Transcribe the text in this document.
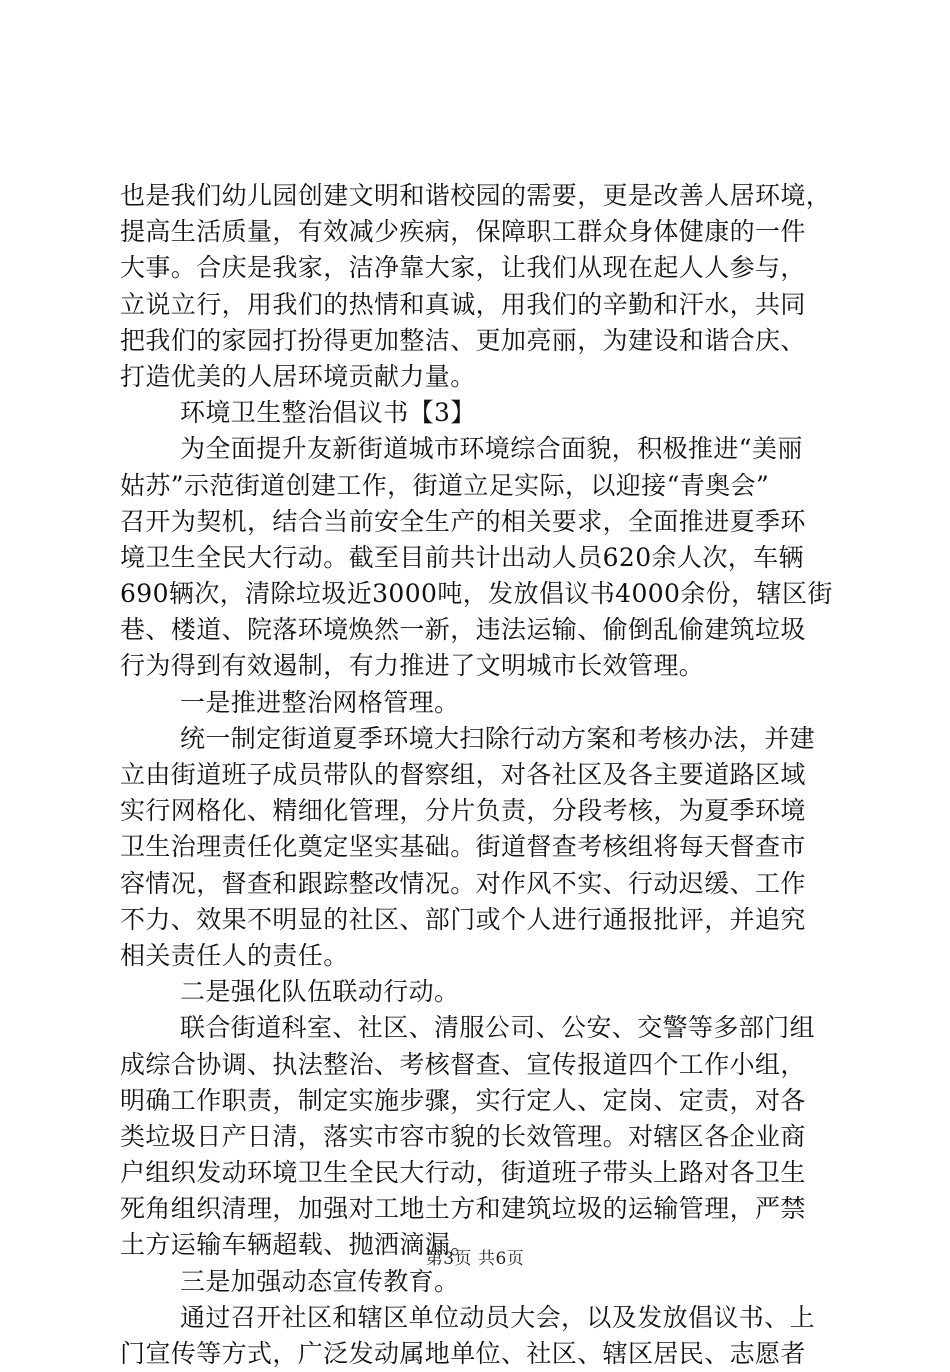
也是我们幼儿园创建文明和谐校园的需要，更是改善人居环境，
提高生活质量，有效减少疾病，保障职工群众身体健康的一件
大事。合庆是我家，洁净靠大家，让我们从现在起人人参与，
立说立行，用我们的热情和真诚，用我们的辛勤和汗水，共同
把我们的家园打扮得更加整洁、更加亮丽，为建设和谐合庆、
打造优美的人居环境贡献力量。
环境卫生整治倡议书【3】
为全面提升友新街道城市环境综合面貌，积极推进“美丽
姑苏”示范街道创建工作，街道立足实际，以迎接“青奥会”
召开为契机，结合当前安全生产的相关要求，全面推进夏季环
境卫生全民大行动。截至目前共计出动人员620余人次，车辆
690辆次，清除垃圾近3000吨，发放倡议书4000余份，辖区街
巷、楼道、院落环境焕然一新，违法运输、偷倒乱偷建筑垃圾
行为得到有效遏制，有力推进了文明城市长效管理。
一是推进整治网格管理。
统一制定街道夏季环境大扫除行动方案和考核办法，并建
立由街道班子成员带队的督察组，对各社区及各主要道路区域
实行网格化、精细化管理，分片负责，分段考核，为夏季环境
卫生治理责任化奠定坚实基础。街道督查考核组将每天督查市
容情况，督查和跟踪整改情况。对作风不实、行动迟缓、工作
不力、效果不明显的社区、部门或个人进行通报批评，并追究
相关责任人的责任。
二是强化队伍联动行动。
联合街道科室、社区、清服公司、公安、交警等多部门组
成综合协调、执法整治、考核督查、宣传报道四个工作小组，
明确工作职责，制定实施步骤，实行定人、定岗、定责，对各
类垃圾日产日清，落实市容市貌的长效管理。对辖区各企业商
户组织发动环境卫生全民大行动，街道班子带头上路对各卫生
死角组织清理，加强对工地土方和建筑垃圾的运输管理，严禁
土方运输车辆超载、抛洒滴漏。
三是加强动态宣传教育。
通过召开社区和辖区单位动员大会，以及发放倡议书、上
门宣传等方式，广泛发动属地单位、社区、辖区居民、志愿者
第3页 共6页
